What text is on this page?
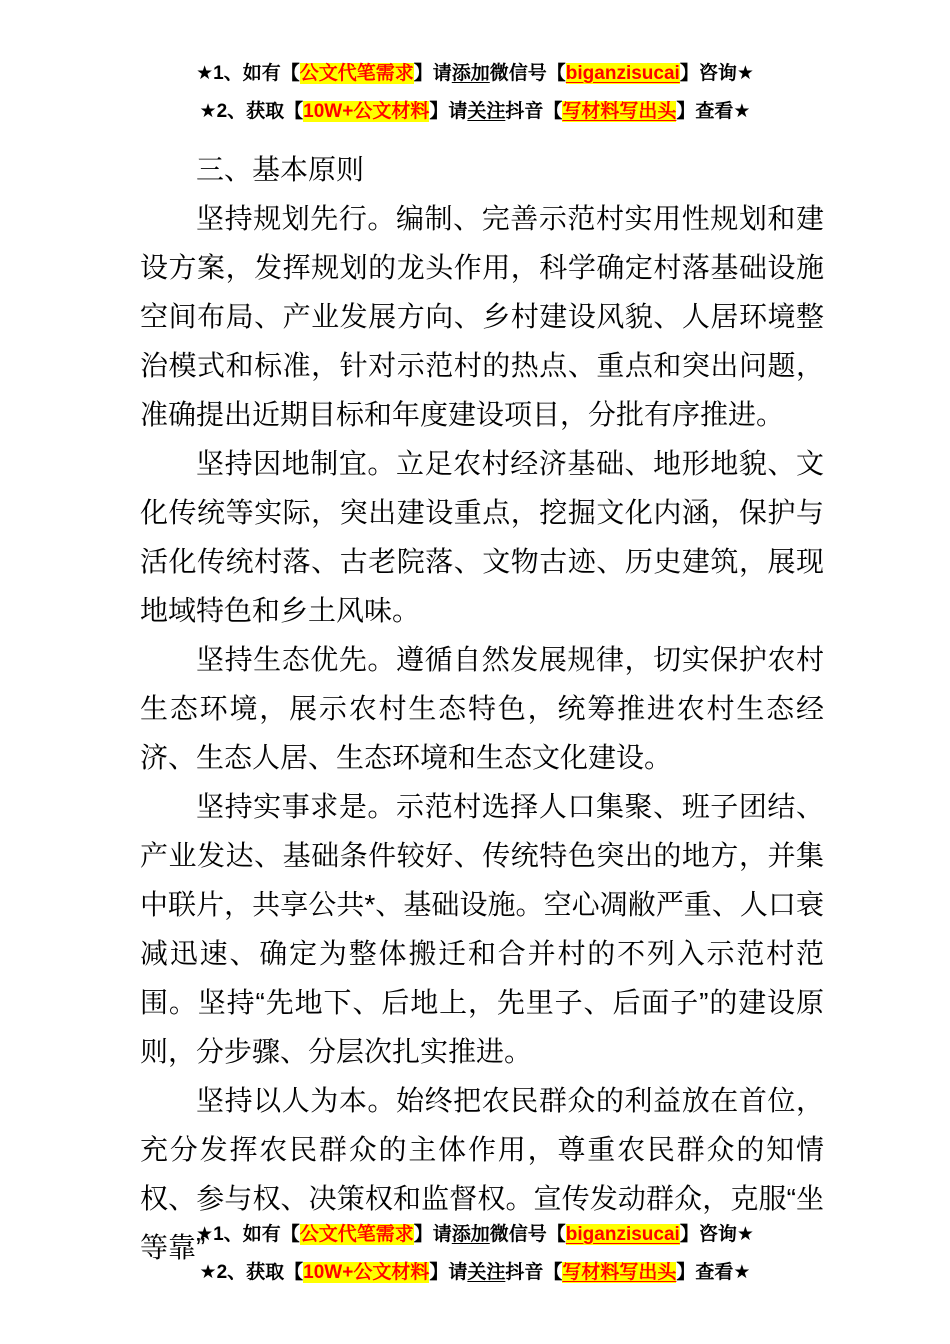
★1、如有【公文代笔需求】请添加微信号【biganzisucai】咨询★
★2、获取【10W+公文材料】请关注抖音【写材料写出头】查看★

三、基本原则

坚持规划先行。编制、完善示范村实用性规划和建设方案，发挥规划的龙头作用，科学确定村落基础设施空间布局、产业发展方向、乡村建设风貌、人居环境整治模式和标准，针对示范村的热点、重点和突出问题，准确提出近期目标和年度建设项目，分批有序推进。

坚持因地制宜。立足农村经济基础、地形地貌、文化传统等实际，突出建设重点，挖掘文化内涵，保护与活化传统村落、古老院落、文物古迹、历史建筑，展现地域特色和乡土风味。

坚持生态优先。遵循自然发展规律，切实保护农村生态环境，展示农村生态特色，统筹推进农村生态经济、生态人居、生态环境和生态文化建设。

坚持实事求是。示范村选择人口集聚、班子团结、产业发达、基础条件较好、传统特色突出的地方，并集中联片，共享公共*、基础设施。空心凋敝严重、人口衰减迅速、确定为整体搬迁和合并村的不列入示范村范围。坚持“先地下、后地上，先里子、后面子”的建设原则，分步骤、分层次扎实推进。

坚持以人为本。始终把农民群众的利益放在首位，充分发挥农民群众的主体作用，尊重农民群众的知情权、参与权、决策权和监督权。宣传发动群众，克服“坐等靠”

★1、如有【公文代笔需求】请添加微信号【biganzisucai】咨询★
★2、获取【10W+公文材料】请关注抖音【写材料写出头】查看★
